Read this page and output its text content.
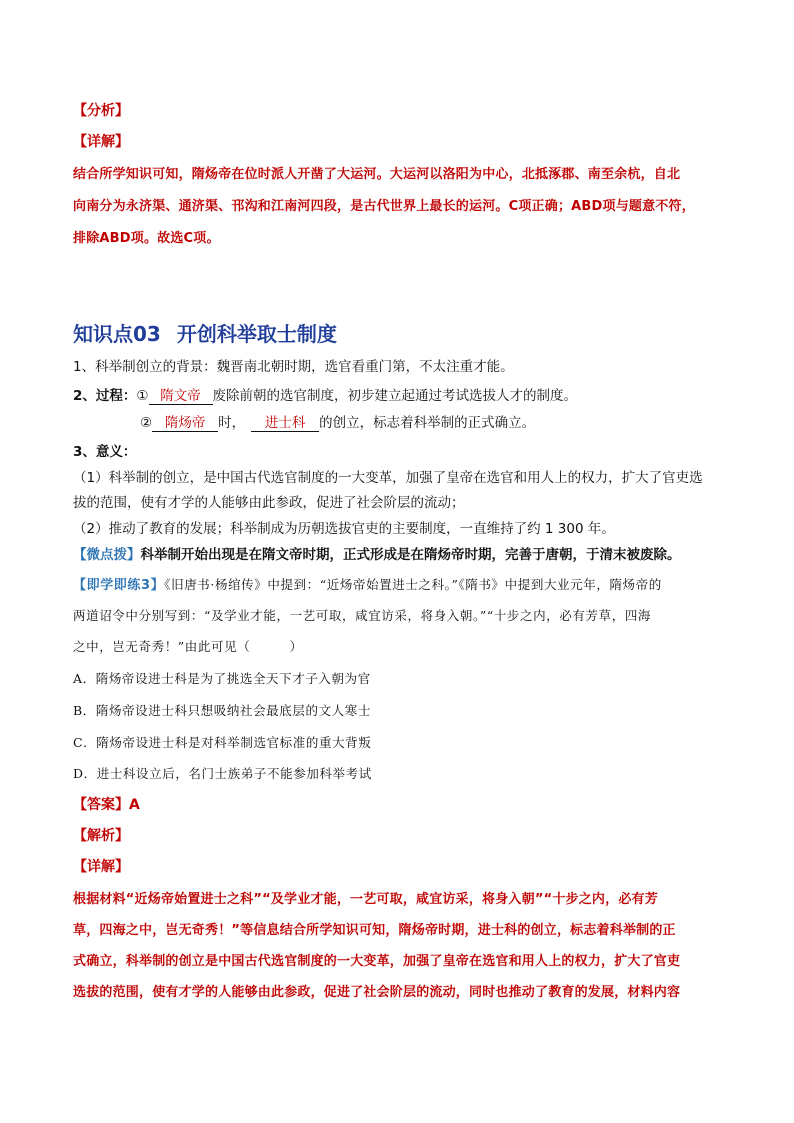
【分析】
【详解】
结合所学知识可知，隋炀帝在位时派人开凿了大运河。大运河以洛阳为中心，北抵涿郡、南至余杭，自北
向南分为永济渠、通济渠、邗沟和江南河四段，是古代世界上最长的运河。C项正确；ABD项与题意不符，
排除ABD项。故选C项。
知识点03 开创科举取士制度
1、科举制创立的背景：魏晋南北朝时期，选官看重门第，不太注重才能。
2、过程：① 隋文帝 废除前朝的选官制度，初步建立起通过考试选拔人才的制度。
② 隋炀帝 时， 进士科 的创立，标志着科举制的正式确立。
3、意义：
（1）科举制的创立，是中国古代选官制度的一大变革，加强了皇帝在选官和用人上的权力，扩大了官吏选
拔的范围，使有才学的人能够由此参政，促进了社会阶层的流动；
（2）推动了教育的发展；科举制成为历朝选拔官吏的主要制度，一直维持了约 1 300 年。
【微点拨】科举制开始出现是在隋文帝时期，正式形成是在隋炀帝时期，完善于唐朝，于清末被废除。
【即学即练3】《旧唐书·杨绾传》中提到：“近炀帝始置进士之科。”《隋书》中提到大业元年，隋炀帝的
两道诏令中分别写到：“及学业才能，一艺可取，咸宜访采，将身入朝。”“十步之内，必有芳草，四海
之中，岂无奇秀！”由此可见（　　　）
A．隋炀帝设进士科是为了挑选全天下才子入朝为官
B．隋炀帝设进士科只想吸纳社会最底层的文人寒士
C．隋炀帝设进士科是对科举制选官标准的重大背叛
D．进士科设立后，名门士族弟子不能参加科举考试
【答案】A
【解析】
【详解】
根据材料“近炀帝始置进士之科”“及学业才能，一艺可取，咸宜访采，将身入朝”“十步之内，必有芳
草，四海之中，岂无奇秀！”等信息结合所学知识可知，隋炀帝时期，进士科的创立，标志着科举制的正
式确立，科举制的创立是中国古代选官制度的一大变革，加强了皇帝在选官和用人上的权力，扩大了官吏
选拔的范围，使有才学的人能够由此参政，促进了社会阶层的流动，同时也推动了教育的发展，材料内容
